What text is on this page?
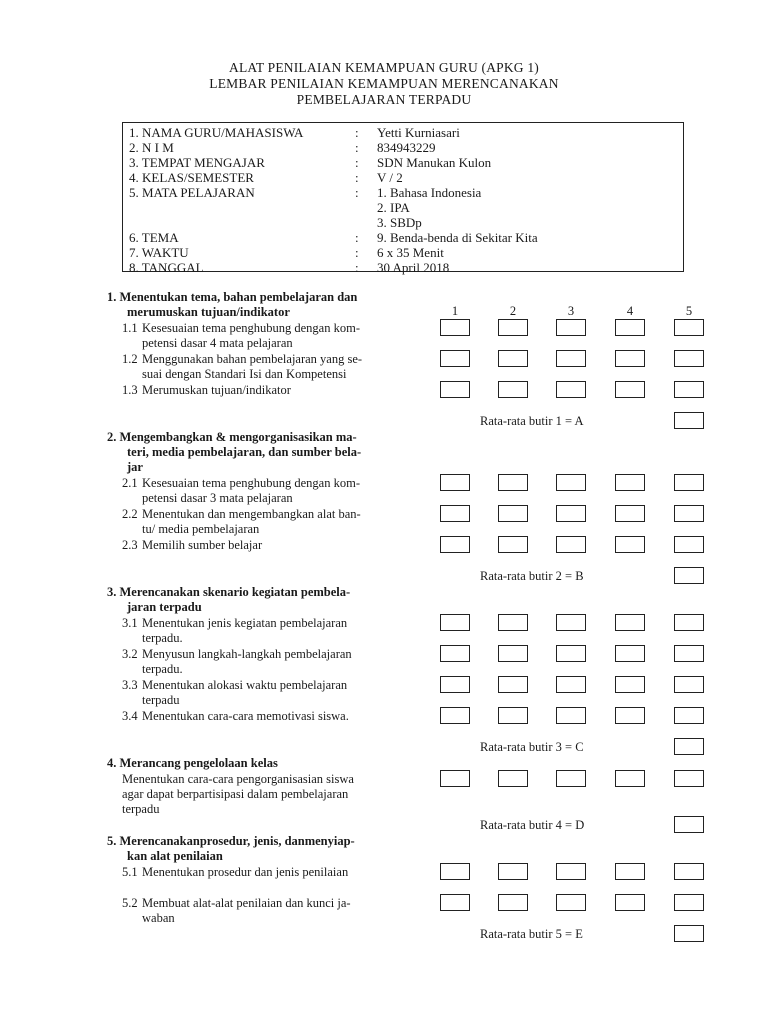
ALAT PENILAIAN KEMAMPUAN GURU (APKG 1)
LEMBAR PENILAIAN KEMAMPUAN MERENCANAKAN
PEMBELAJARAN TERPADU
1. NAMA GURU/MAHASISWA	: Yetti Kurniasari
2. N I M	: 834943229
3. TEMPAT MENGAJAR	: SDN Manukan Kulon
4. KELAS/SEMESTER	: V / 2
5. MATA PELAJARAN	: 1. Bahasa Indonesia
2. IPA
3. SBDp
6. TEMA	: 9. Benda-benda di Sekitar Kita
7. WAKTU	: 6 x 35 Menit
8. TANGGAL	: 30 April 2018
1	2	3	4	5
1. Menentukan tema, bahan pembelajaran dan
merumuskan tujuan/indikator
1.1 Kesesuaian tema penghubung dengan kom-
petensi dasar 4 mata pelajaran
1.2 Menggunakan bahan pembelajaran yang se-
suai dengan Standari Isi dan Kompetensi
1.3 Merumuskan tujuan/indikator
Rata-rata butir 1 = A
2. Mengembangkan & mengorganisasikan ma-
teri, media pembelajaran, dan sumber bela-
jar
2.1 Kesesuaian tema penghubung dengan kom-
petensi dasar 3 mata pelajaran
2.2 Menentukan dan mengembangkan alat ban-
tu/ media pembelajaran
2.3 Memilih sumber belajar
Rata-rata butir 2 = B
3. Merencanakan skenario kegiatan pembela-
jaran terpadu
3.1 Menentukan jenis kegiatan pembelajaran
terpadu.
3.2 Menyusun langkah-langkah pembelajaran
terpadu.
3.3 Menentukan alokasi waktu pembelajaran
terpadu
3.4 Menentukan cara-cara memotivasi siswa.
Rata-rata butir 3 = C
4. Merancang pengelolaan kelas
Menentukan cara-cara pengorganisasian siswa
agar dapat berpartisipasi dalam pembelajaran
terpadu
Rata-rata butir 4 = D
5. Merencanakanprosedur, jenis, danmenyiap-
kan alat penilaian
5.1 Menentukan prosedur dan jenis penilaian
5.2 Membuat alat-alat penilaian dan kunci ja-
waban
Rata-rata butir 5 = E
